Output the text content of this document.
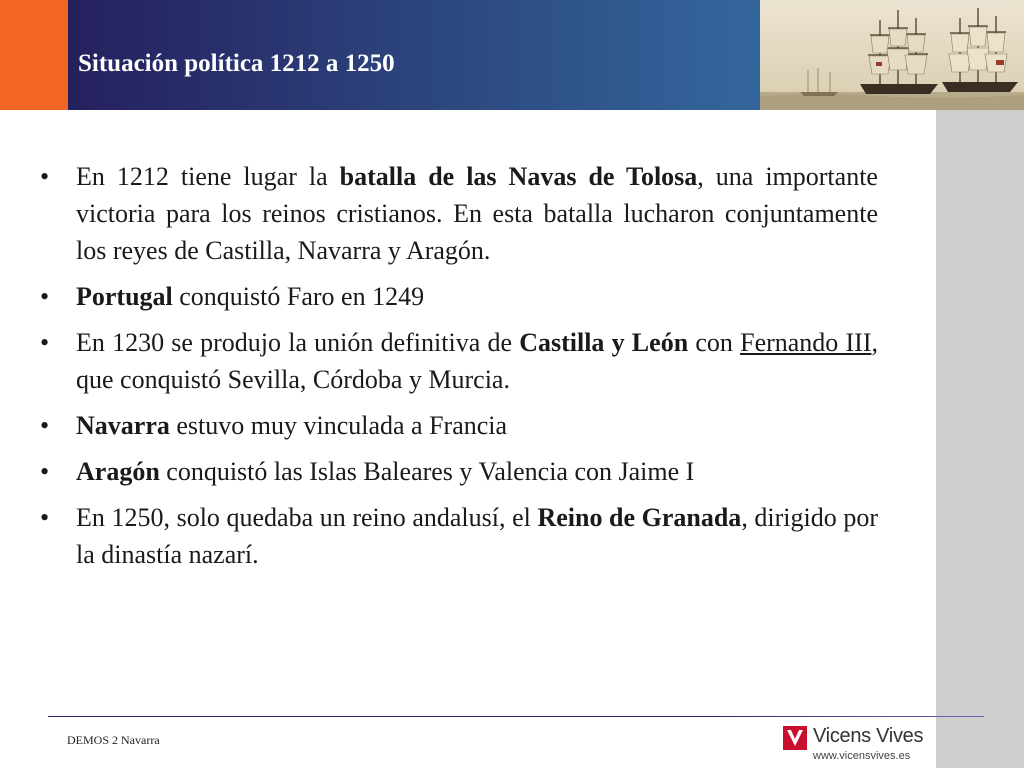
Situación política 1212 a 1250
•	En 1212 tiene lugar la batalla de las Navas de Tolosa, una importante victoria para los reinos cristianos. En esta batalla lucharon conjuntamente los reyes de Castilla, Navarra y Aragón.
•	Portugal conquistó Faro en 1249
•	En 1230 se produjo la unión definitiva de Castilla y León con Fernando III, que conquistó Sevilla, Córdoba y Murcia.
•	Navarra estuvo muy vinculada a Francia
•	Aragón conquistó las Islas Baleares y Valencia con Jaime I
•	En 1250, solo quedaba un reino andalusí, el Reino de Granada, dirigido por la dinastía nazarí.
DEMOS 2 Navarra	Vicens Vives
www.vicensvives.es
